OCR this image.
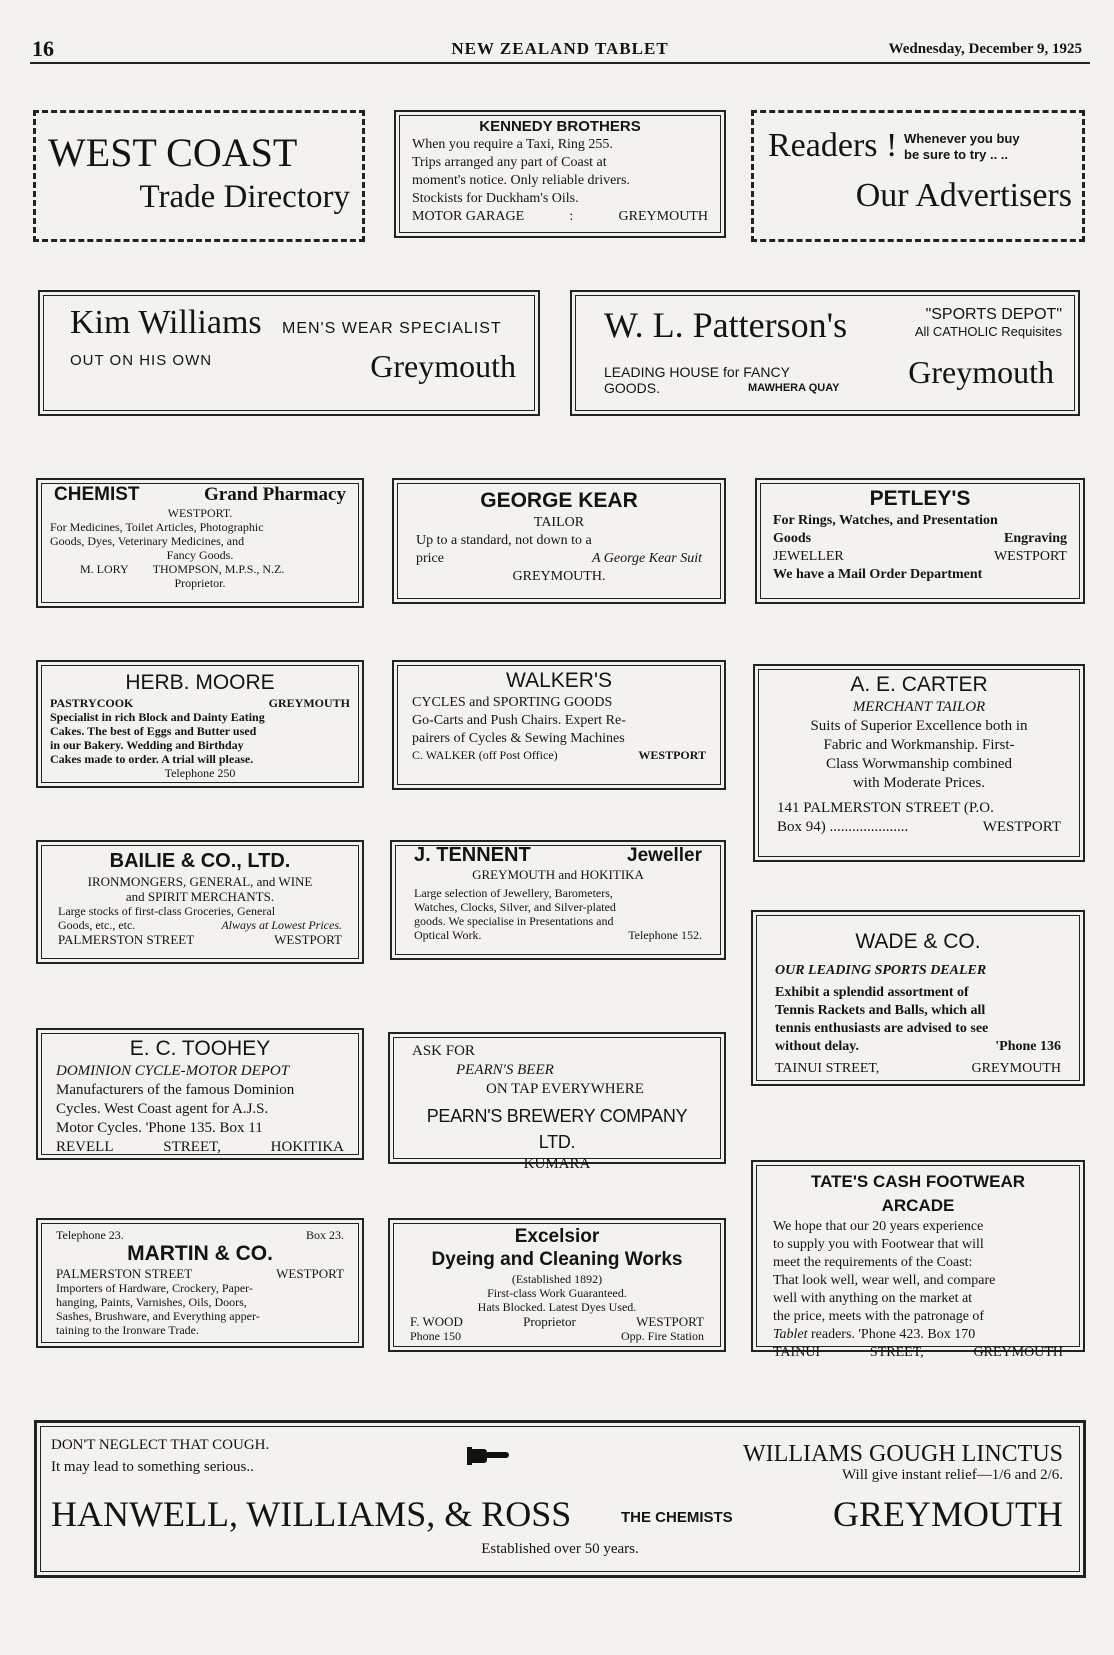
16	NEW ZEALAND TABLET	Wednesday, December 9, 1925
WEST COAST
Trade Directory

KENNEDY BROTHERS

When you require a Taxi, Ring 255.

Trips arranged any part of Coast at

moment's notice. Only reliable drivers.

Stockists for Duckham's Oils.

MOTOR GARAGE	:	GREYMOUTH
Readers ! Whenever you buy
be sure to try .. ..
Our Advertisers
Kim Williams MEN'S WEAR SPECIALIST
OUT ON HIS OWN	Greymouth
W. L. Patterson's	"SPORTS DEPOT"
All CATHOLIC Requisites
LEADING HOUSE for FANCY
GOODS.	MAWHERA QUAY Greymouth
CHEMIST	Grand Pharmacy

WESTPORT.

For Medicines, Toilet Articles, Photographic

Goods, Dyes, Veterinary Medicines, and

Fancy Goods.

M. LORY THOMPSON, M.P.S., N.Z.

Proprietor.

GEORGE KEAR

TAILOR

Up to a standard, not down to a

price	A George Kear Suit

GREYMOUTH.

PETLEY'S

For Rings, Watches, and Presentation

Goods	Engraving
JEWELLER	WESTPORT

We have a Mail Order Department

HERB. MOORE

PASTRYCOOK	GREYMOUTH

Specialist in rich Block and Dainty Eating

Cakes. The best of Eggs and Butter used

in our Bakery. Wedding and Birthday

Cakes made to order. A trial will please.

Telephone 250

WALKER'S

CYCLES and SPORTING GOODS

Go-Carts and Push Chairs. Expert Re-

pairers of Cycles & Sewing Machines

C. WALKER (off Post Office)	WESTPORT

A. E. CARTER

MERCHANT TAILOR

Suits of Superior Excellence both in

Fabric and Workmanship. First-

Class Worwmanship combined

with Moderate Prices.

141 PALMERSTON STREET (P.O.

Box 94) .....................	WESTPORT

BAILIE & CO., LTD.

IRONMONGERS, GENERAL, and WINE

and SPIRIT MERCHANTS.

Large stocks of first-class Groceries, General

Goods, etc., etc.	Always at Lowest Prices.
PALMERSTON STREET	WESTPORT
J. TENNENT	Jeweller

GREYMOUTH and HOKITIKA

Large selection of Jewellery, Barometers,

Watches, Clocks, Silver, and Silver-plated

goods. We specialise in Presentations and

Optical Work.	Telephone 152.	WADE & CO.

OUR LEADING SPORTS DEALER

Exhibit a splendid assortment of

Tennis Rackets and Balls, which all

tennis enthusiasts are advised to see

without delay.	'Phone 136
TAINUI STREET,	GREYMOUTH

E. C. TOOHEY

DOMINION CYCLE-MOTOR DEPOT

Manufacturers of the famous Dominion

Cycles. West Coast agent for A.J.S.

Motor Cycles. 'Phone 135. Box 11

REVELL	STREET,	HOKITIKA

ASK FOR

PEARN'S BEER

ON TAP EVERYWHERE

PEARN'S BREWERY COMPANY LTD.

KUMARA

TATE'S CASH FOOTWEAR ARCADE

We hope that our 20 years experience

to supply you with Footwear that will

meet the requirements of the Coast:

That look well, wear well, and compare

well with anything on the market at

the price, meets with the patronage of

Tablet readers. 'Phone 423. Box 170

TAINUI	STREET,	GREYMOUTH
Telephone 23.	Box 23.

MARTIN & CO.

PALMERSTON STREET	WESTPORT

Importers of Hardware, Crockery, Paper-

hanging, Paints, Varnishes, Oils, Doors,

Sashes, Brushware, and Everything apper-

taining to the Ironware Trade.

Excelsior

Dyeing and Cleaning Works

(Established 1892)

First-class Work Guaranteed.

Hats Blocked. Latest Dyes Used.

F. WOOD	Proprietor	WESTPORT
Phone 150	Opp. Fire Station
DON'T NEGLECT THAT COUGH.
It may lead to something serious..	WILLIAMS GOUGH LINCTUS
Will give instant relief—1/6 and 2/6.
HANWELL, WILLIAMS, & ROSS	THE CHEMISTS	GREYMOUTH
Established over 50 years.
